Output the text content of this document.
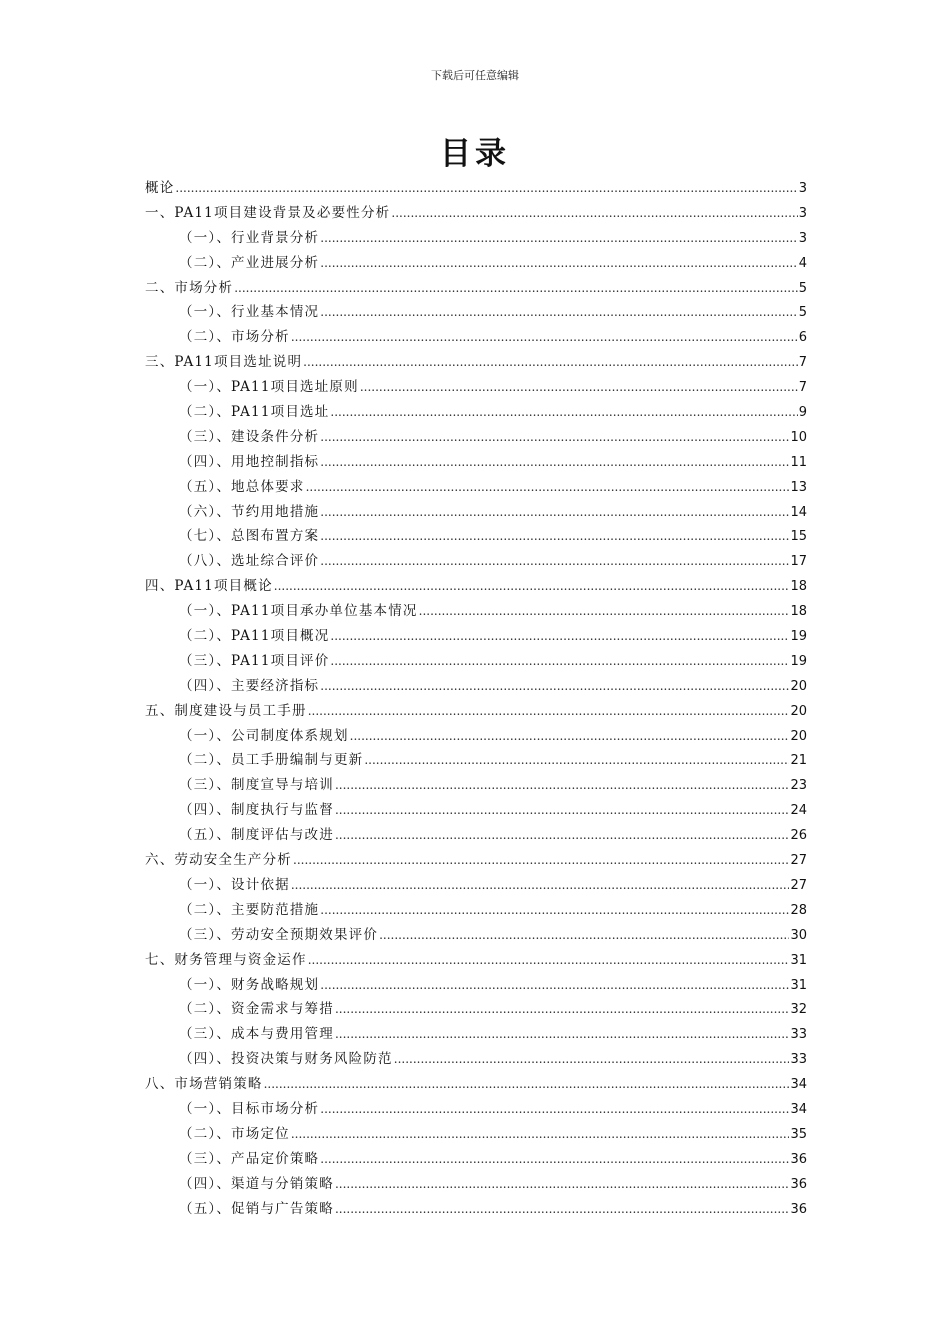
下载后可任意编辑
目录
概论 .....	3
一、PA11项目建设背景及必要性分析 .....	3
（一）、行业背景分析 .....	3
（二）、产业进展分析 .....	4
二、市场分析 .....	5
（一）、行业基本情况 .....	5
（二）、市场分析 .....	6
三、PA11项目选址说明 .....	7
（一）、PA11项目选址原则 .....	7
（二）、PA11项目选址 .....	9
（三）、建设条件分析 .....	10
（四）、用地控制指标 .....	11
（五）、地总体要求 .....	13
（六）、节约用地措施 .....	14
（七）、总图布置方案 .....	15
（八）、选址综合评价 .....	17
四、PA11项目概论 .....	18
（一）、PA11项目承办单位基本情况 .....	18
（二）、PA11项目概况 .....	19
（三）、PA11项目评价 .....	19
（四）、主要经济指标 .....	20
五、制度建设与员工手册 .....	20
（一）、公司制度体系规划 .....	20
（二）、员工手册编制与更新 .....	21
（三）、制度宣导与培训 .....	23
（四）、制度执行与监督 .....	24
（五）、制度评估与改进 .....	26
六、劳动安全生产分析 .....	27
（一）、设计依据 .....	27
（二）、主要防范措施 .....	28
（三）、劳动安全预期效果评价 .....	30
七、财务管理与资金运作 .....	31
（一）、财务战略规划 .....	31
（二）、资金需求与筹措 .....	32
（三）、成本与费用管理 .....	33
（四）、投资决策与财务风险防范 .....	33
八、市场营销策略 .....	34
（一）、目标市场分析 .....	34
（二）、市场定位 .....	35
（三）、产品定价策略 .....	36
（四）、渠道与分销策略 .....	36
（五）、促销与广告策略 .....	36
